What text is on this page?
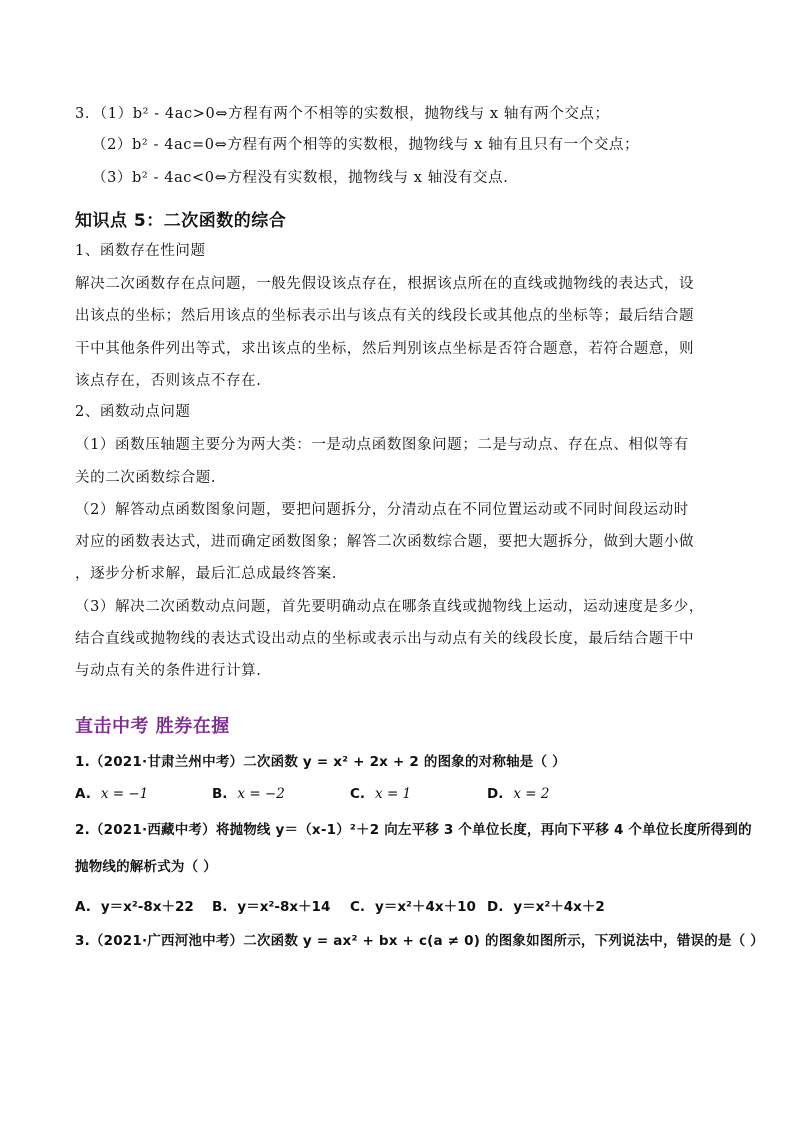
3．（1）b² - 4ac>0⇔方程有两个不相等的实数根，抛物线与 x 轴有两个交点；
（2）b² - 4ac=0⇔方程有两个相等的实数根，抛物线与 x 轴有且只有一个交点；
（3）b² - 4ac<0⇔方程没有实数根，抛物线与 x 轴没有交点.
知识点 5：二次函数的综合
1、函数存在性问题
解决二次函数存在点问题，一般先假设该点存在，根据该点所在的直线或抛物线的表达式，设
出该点的坐标；然后用该点的坐标表示出与该点有关的线段长或其他点的坐标等；最后结合题
干中其他条件列出等式，求出该点的坐标，然后判别该点坐标是否符合题意，若符合题意，则
该点存在，否则该点不存在.
2、函数动点问题
（1）函数压轴题主要分为两大类：一是动点函数图象问题；二是与动点、存在点、相似等有
关的二次函数综合题.
（2）解答动点函数图象问题，要把问题拆分，分清动点在不同位置运动或不同时间段运动时
对应的函数表达式，进而确定函数图象；解答二次函数综合题，要把大题拆分，做到大题小做
，逐步分析求解，最后汇总成最终答案.
（3）解决二次函数动点问题，首先要明确动点在哪条直线或抛物线上运动，运动速度是多少，
结合直线或抛物线的表达式设出动点的坐标或表示出与动点有关的线段长度，最后结合题干中
与动点有关的条件进行计算.
直击中考 胜券在握
1.（2021·甘肃兰州中考）二次函数 y = x² + 2x + 2 的图象的对称轴是（ ）
A. x = −1	B. x = −2	C. x = 1	D. x = 2
2.（2021·西藏中考）将抛物线 y＝（x-1）²＋2 向左平移 3 个单位长度，再向下平移 4 个单位长度所得到的
抛物线的解析式为（ ）
A. y＝x²-8x＋22 B. y＝x²-8x＋14 C. y＝x²＋4x＋10 D. y＝x²＋4x＋2
3.（2021·广西河池中考）二次函数 y = ax² + bx + c(a ≠ 0) 的图象如图所示，下列说法中，错误的是（ ）
